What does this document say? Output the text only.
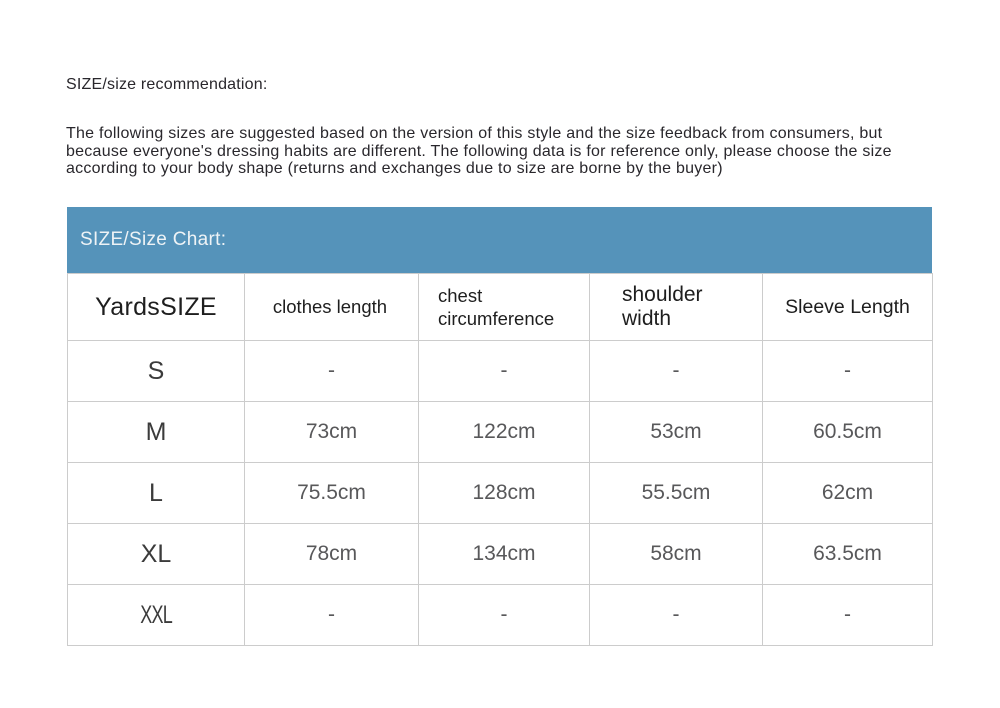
SIZE/size recommendation:

The following sizes are suggested based on the version of this style and the size feedback from consumers, but because everyone's dressing habits are different. The following data is for reference only, please choose the size according to your body shape (returns and exchanges due to size are borne by the buyer)

SIZE/Size Chart:
YardsSIZE	clothes length	chest circumference	shoulder width	Sleeve Length
S	-	-	-	-
M	73cm	122cm	53cm	60.5cm
L	75.5cm	128cm	55.5cm	62cm
XL	78cm	134cm	58cm	63.5cm
XXL	-	-	-	-
